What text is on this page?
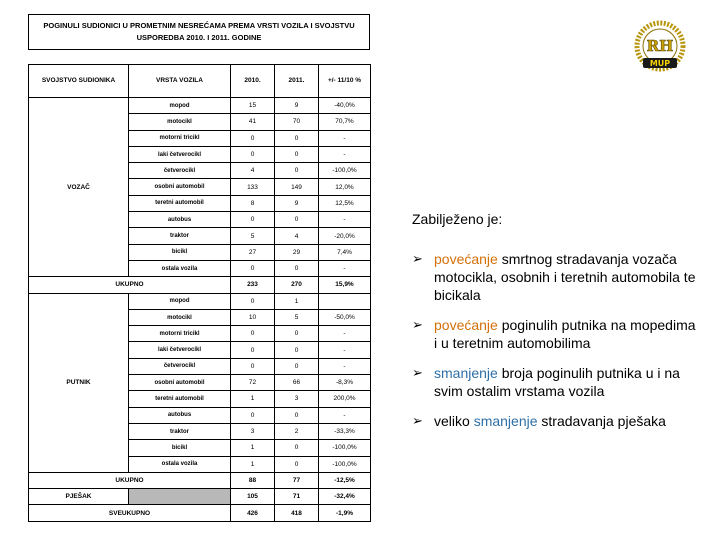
POGINULI SUDIONICI U PROMETNIM NESREĆAMA PREMA VRSTI VOZILA I SVOJSTVU
USPOREDBA 2010. I 2011. GODINE
SVOJSTVO SUDIONIKA	VRSTA VOZILA	2010.	2011.	+/- 11/10 %
VOZAČ	mopod	15	9	-40,0%
	motocikl	41	70	70,7%
	motorni tricikl	0	0	-
	laki četverocikl	0	0	-
	četverocikl	4	0	-100,0%
	osobni automobil	133	149	12,0%
	teretni automobil	8	9	12,5%
	autobus	0	0	-
	traktor	5	4	-20,0%
	bicikl	27	29	7,4%
	ostala vozila	0	0	-
UKUPNO		233	270	15,9%
PUTNIK	mopod	0	1	
	motocikl	10	5	-50,0%
	motorni tricikl	0	0	-
	laki četverocikl	0	0	-
	četverocikl	0	0	-
	osobni automobil	72	66	-8,3%
	teretni automobil	1	3	200,0%
	autobus	0	0	-
	traktor	3	2	-33,3%
	bicikl	1	0	-100,0%
	ostala vozila	1	0	-100,0%
UKUPNO		88	77	-12,5%
PJEŠAK		105	71	-32,4%
SVEUKUPNO		426	418	-1,9%
RH
MUP

Zabilježeno je:

➢ povećanje smrtnog stradavanja vozača motocikla, osobnih i teretnih automobila te bicikala
➢ povećanje poginulih putnika na mopedima i u teretnim automobilima
➢ smanjenje broja poginulih putnika u i na svim ostalim vrstama vozila
➢ veliko smanjenje stradavanja pješaka
